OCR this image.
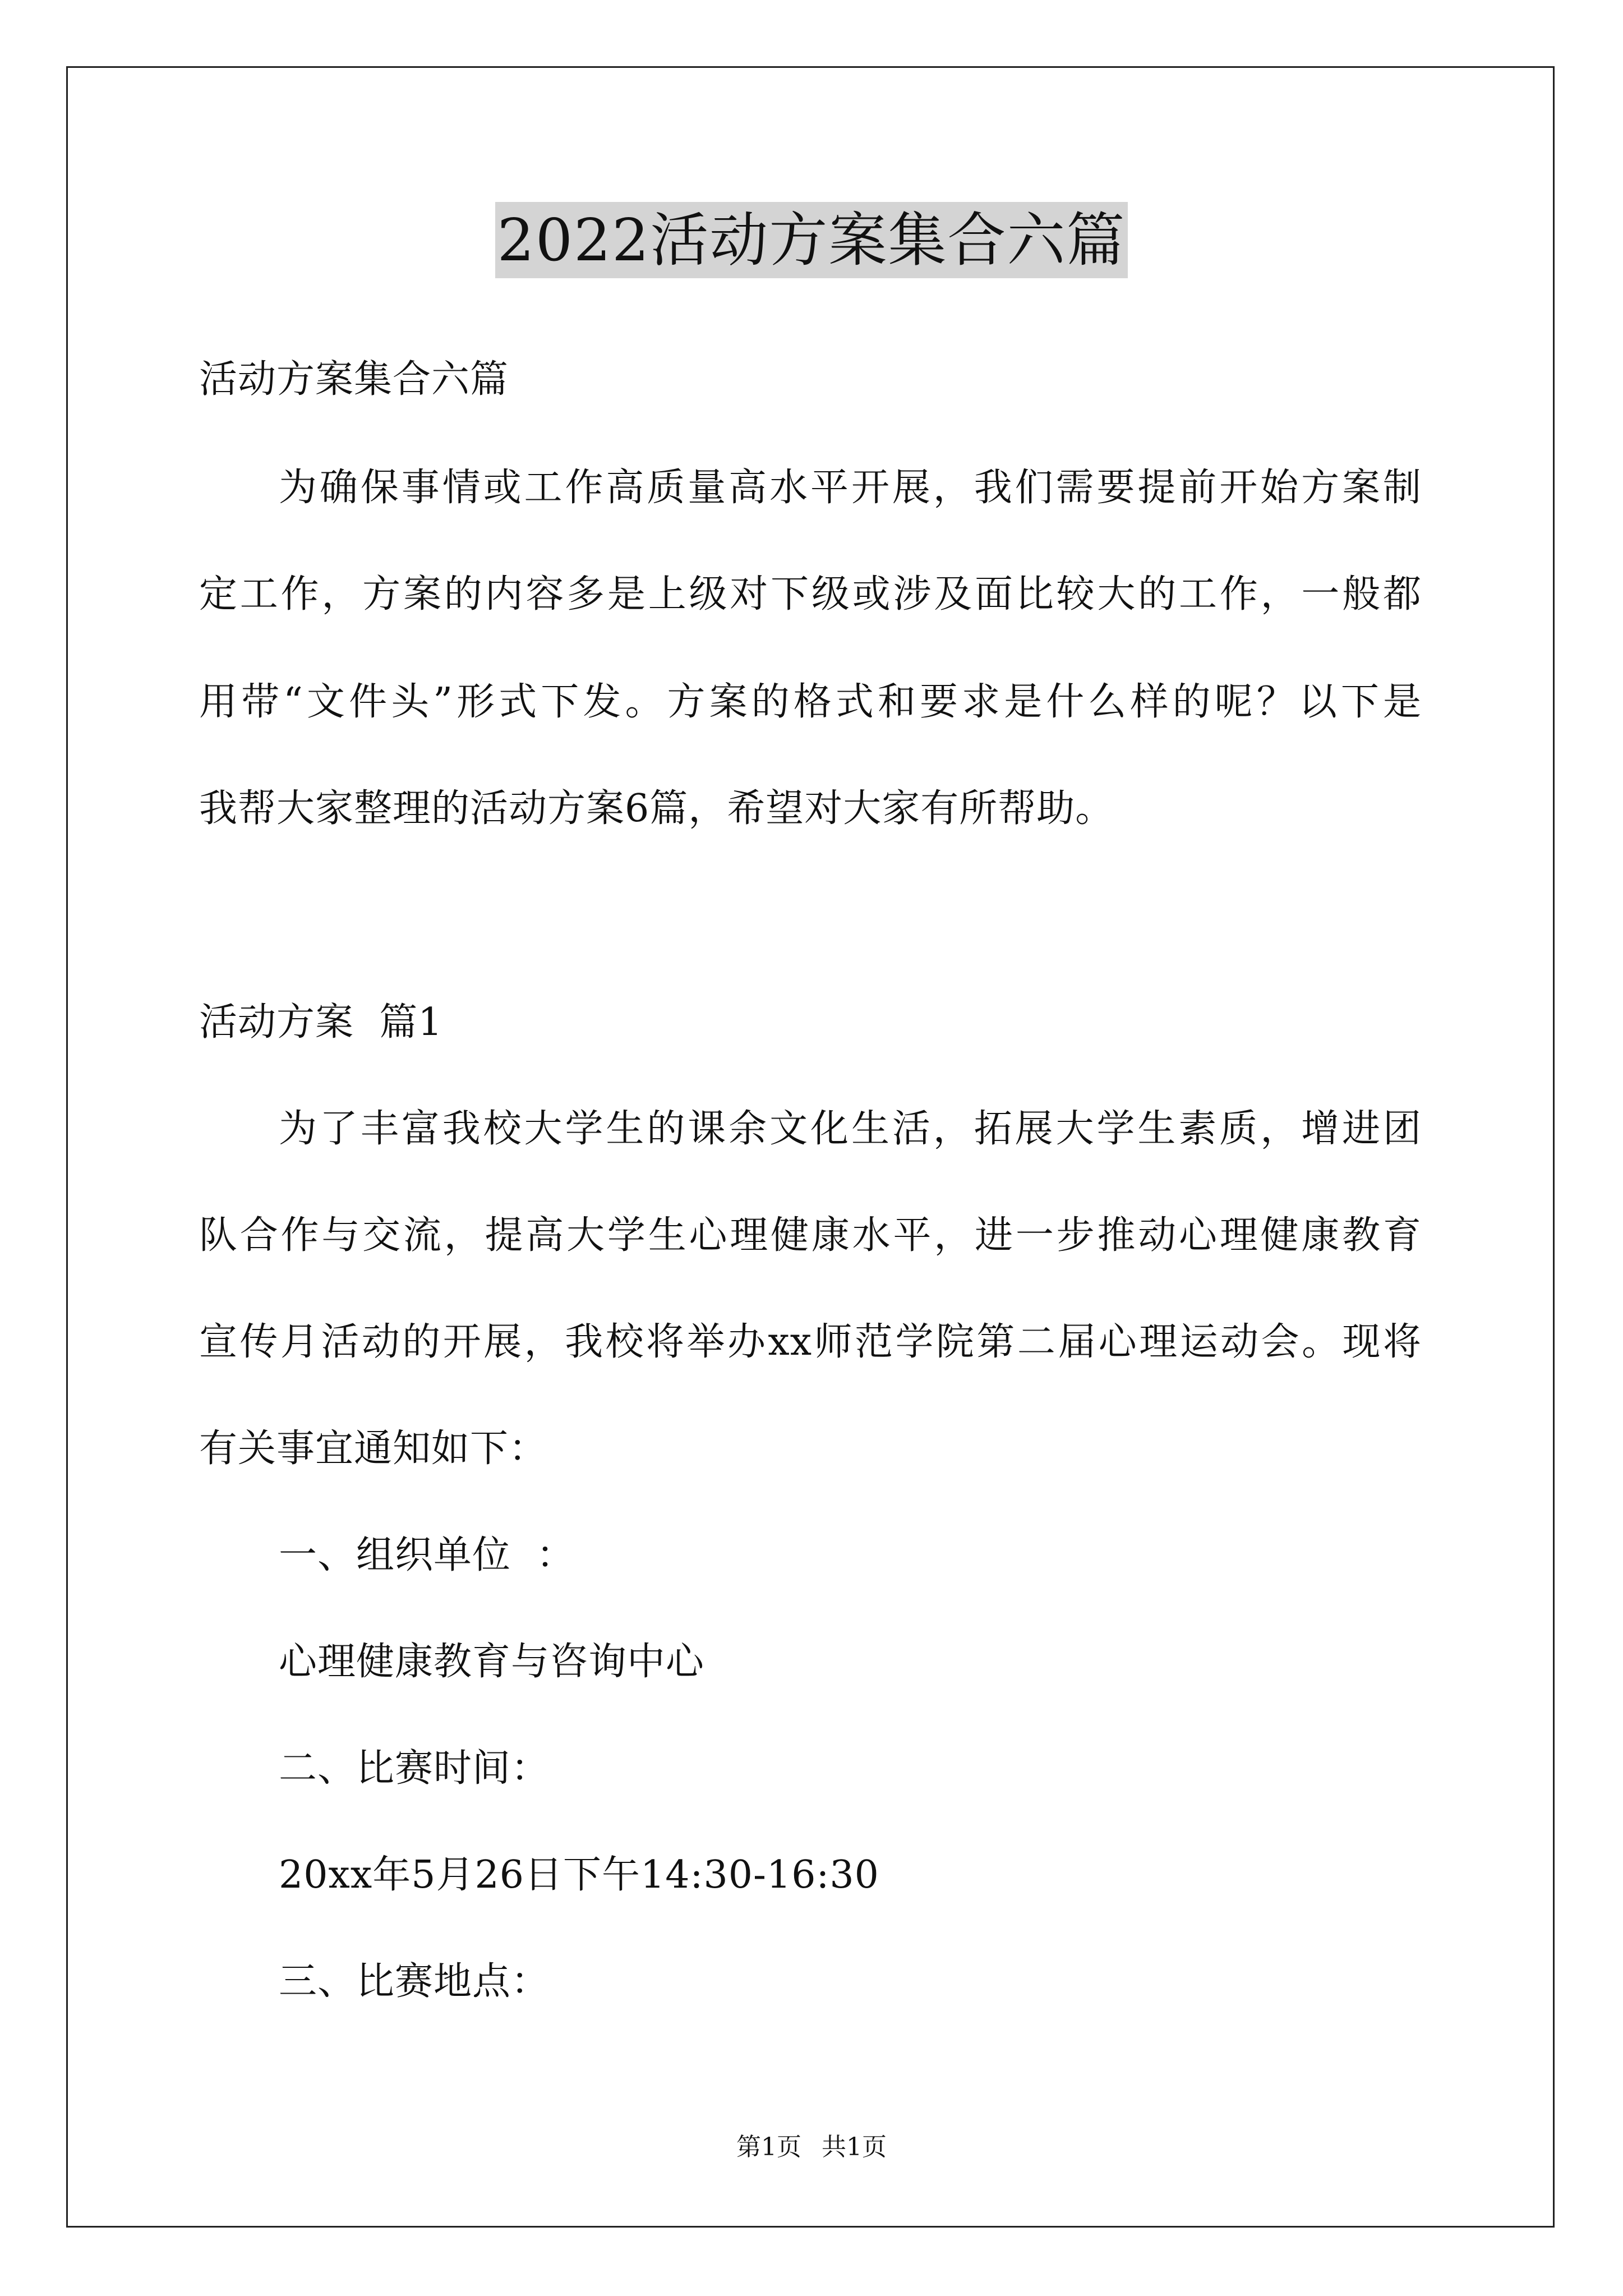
2022活动方案集合六篇
活动方案集合六篇
为确保事情或工作高质量高水平开展，我们需要提前开始方案制
定工作，方案的内容多是上级对下级或涉及面比较大的工作，一般都
用带“文件头”形式下发。方案的格式和要求是什么样的呢？以下是
我帮大家整理的活动方案6篇，希望对大家有所帮助。
活动方案  篇1
为了丰富我校大学生的课余文化生活，拓展大学生素质，增进团
队合作与交流，提高大学生心理健康水平，进一步推动心理健康教育
宣传月活动的开展，我校将举办xx师范学院第二届心理运动会。现将
有关事宜通知如下：
一、组织单位  ：
心理健康教育与咨询中心
二、比赛时间：
20xx年5月26日下午14:30-16:30
三、比赛地点：
第1页 共1页
